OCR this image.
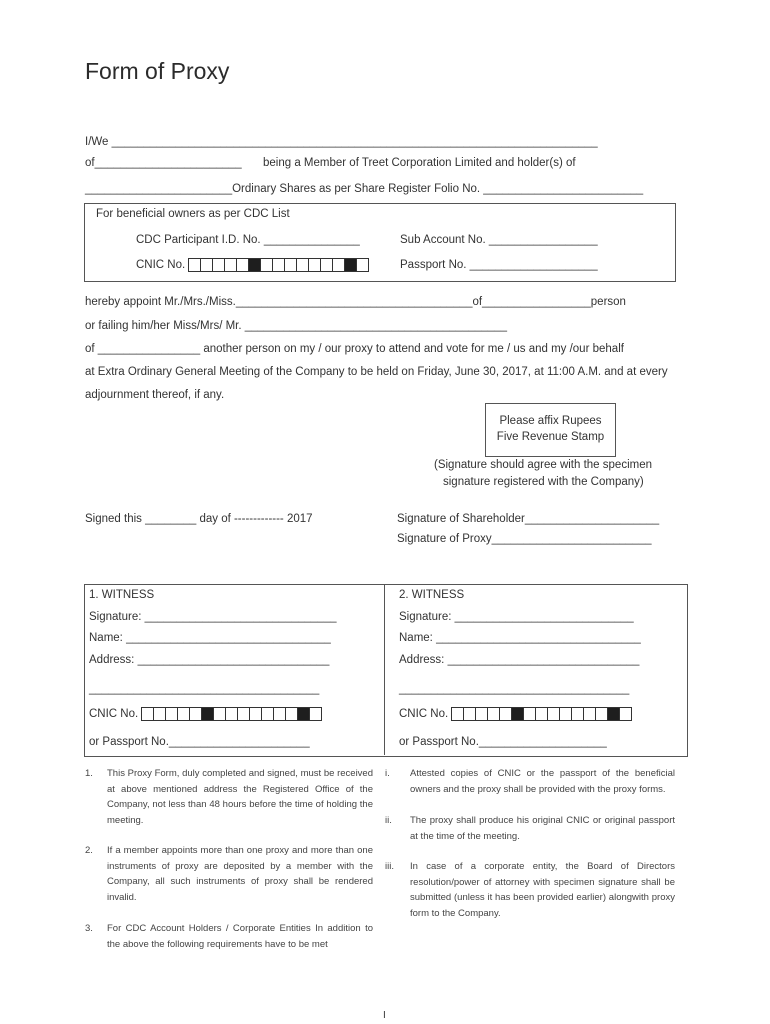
Form of Proxy
I/We ____________________________________________________________________________
of_______________________ being a Member of Treet Corporation Limited and holder(s) of
_______________________Ordinary Shares as per Share Register Folio No. _________________________
For beneficial owners as per CDC List
CDC Participant I.D. No. _______________	Sub Account No. _________________
CNIC No.	Passport No. ____________________
hereby appoint Mr./Mrs./Miss._____________________________________of_________________person
or failing him/her Miss/Mrs/ Mr. _________________________________________
of ________________ another person on my / our proxy to attend and vote for me / us and my /our behalf
at Extra Ordinary General Meeting of the Company to be held on Friday, June 30, 2017, at 11:00 A.M. and at every
adjournment thereof, if any.
Please affix Rupees
Five Revenue Stamp
(Signature should agree with the specimen
signature registered with the Company)
Signed this ________ day of ------------- 2017	Signature of Shareholder_____________________
Signature of Proxy_________________________
1. WITNESS
Signature: ______________________________
Name: ________________________________
Address: ______________________________
____________________________________
CNIC No.
or Passport No.______________________
2. WITNESS
Signature: ____________________________
Name: ________________________________
Address: ______________________________
____________________________________
CNIC No.
or Passport No.____________________
1. This Proxy Form, duly completed and signed, must be received at above mentioned address the Registered Office of the Company, not less than 48 hours before the time of holding the meeting.
2. If a member appoints more than one proxy and more than one instruments of proxy are deposited by a member with the Company, all such instruments of proxy shall be rendered invalid.
3. For CDC Account Holders / Corporate Entities In addition to the above the following requirements have to be met
i. Attested copies of CNIC or the passport of the beneficial owners and the proxy shall be provided with the proxy forms.
ii. The proxy shall produce his original CNIC or original passport at the time of the meeting.
iii. In case of a corporate entity, the Board of Directors resolution/power of attorney with specimen signature shall be submitted (unless it has been provided earlier) alongwith proxy form to the Company.
I
